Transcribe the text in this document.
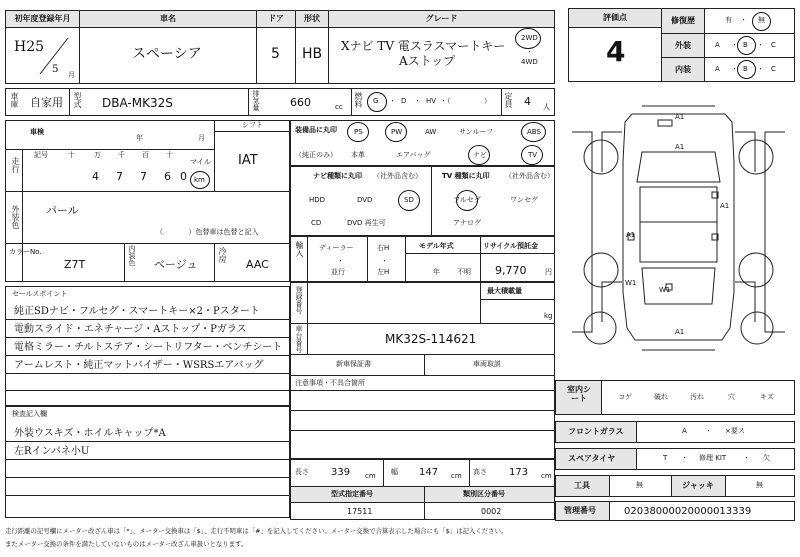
初年度登録年月	車名	ドア	形状	グレード
H25
5 月
スペーシア	5 HB Xナビ TV 電スラスマートキー
Aストップ
2WD
・
4WD
評価点
4
修復歴	有 ・ 無
外装	A ・ B ・ C
内装	A ・ B ・ C
車庫 自家用 型式 DBA-MK32S	排気量	660	cc 燃料 G ・ D ・ HV ・（	） 定員 4 人
車検
年	月
シフト
IAT
走行
記号	十	万 千 百 十
マイル
4 7 7 6 0 km
外装色 パール
（ 　　　 ）色替車は色替と記入
カラーNo.
Z7T	内装色 ベージュ
冷房
AAC
装備品に丸印
（純正のみ）
PS	PW	AW	サンルーフ	ABS
本革	エアバッグ	ナビ	TV
ナビ種類に丸印 （社外品含む）
HDD	DVD	SD
CD	DVD 再生可
TV 種類に丸印 （社外品含む）
フルセグ	ワンセグ
アナログ
輸入 ディーラー
・
並行
右H
・
左H
モデル年式
年 不明
リサイクル預託金
9,770	円
セールスポイント
純正SDナビ・フルセグ・スマートキー×2・Pスタート
電動スライド・エネチャージ・Aストップ・Pガラス
電格ミラー・チルトステア・シートリフター・ベンチシート
アームレスト・純正マットバイザー・WSRSエアバッグ
検査記入欄
外装ウスキズ・ホイルキャップ*A
左Rインパネ小U
登録番号	最大積載量
kg
車台番号	MK32S-114621
新車保証書	車両取説
注意事項・不具合箇所
長さ 339 cm 幅 147 cm 高さ 173 cm
型式指定番号	類別区分番号
17511	0002
A1
A1
A1
A1
A1
W1
W1
室内シート	コゲ	破れ	汚れ	穴	キズ
フロントガラス	A	・ ×要ス
スペアタイヤ	T ・ 修理 KIT ・ 欠
工具	無	ジャッキ	無
管理番号	02038000020000013339
走行距離の記号欄にメーター改ざん車は「*」、メーター交換車は「$」、走行不明車は「#」を記入してください。メーター交換で合算表示した場合にも「$」は記入ください。
またメーター交換の条件を満たしていないものはメーター改ざん車扱いとなります。
